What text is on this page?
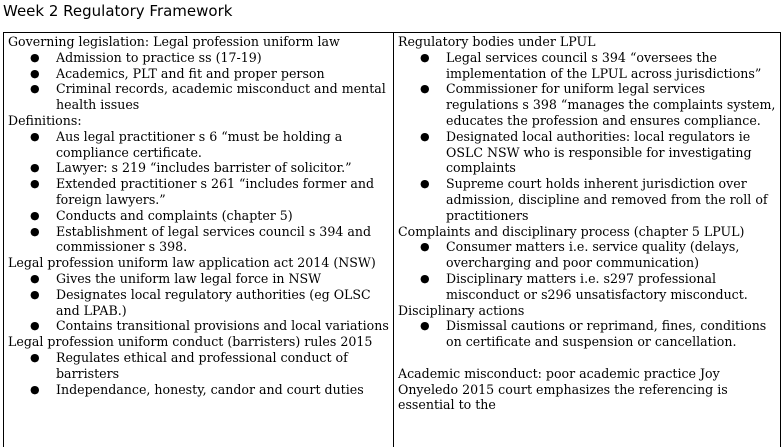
Week 2 Regulatory Framework
Governing legislation: Legal profession uniform law
● Admission to practice ss (17-19)
● Academics, PLT and fit and proper person
● Criminal records, academic misconduct and mental health issues
Definitions:
● Aus legal practitioner s 6 “must be holding a compliance certificate.
● Lawyer: s 219 “includes barrister of solicitor.”
● Extended practitioner s 261 “includes former and foreign lawyers.”
● Conducts and complaints (chapter 5)
● Establishment of legal services council s 394 and commissioner s 398.
Legal profession uniform law application act 2014 (NSW)
● Gives the uniform law legal force in NSW
● Designates local regulatory authorities (eg OLSC and LPAB.)
● Contains transitional provisions and local variations
Legal profession uniform conduct (barristers) rules 2015
● Regulates ethical and professional conduct of barristers
● Independance, honesty, candor and court duties
Regulatory bodies under LPUL
● Legal services council s 394 “oversees the implementation of the LPUL across jurisdictions”
● Commissioner for uniform legal services regulations s 398 “manages the complaints system, educates the profession and ensures compliance.
● Designated local authorities: local regulators ie OSLC NSW who is responsible for investigating complaints
● Supreme court holds inherent jurisdiction over admission, discipline and removed from the roll of practitioners
Complaints and disciplinary process (chapter 5 LPUL)
● Consumer matters i.e. service quality (delays, overcharging and poor communication)
● Disciplinary matters i.e. s297 professional misconduct or s296 unsatisfactory misconduct.
Disciplinary actions
● Dismissal cautions or reprimand, fines, conditions on certificate and suspension or cancellation.
Academic misconduct: poor academic practice Joy Onyeledo 2015 court emphasizes the referencing is essential to the
